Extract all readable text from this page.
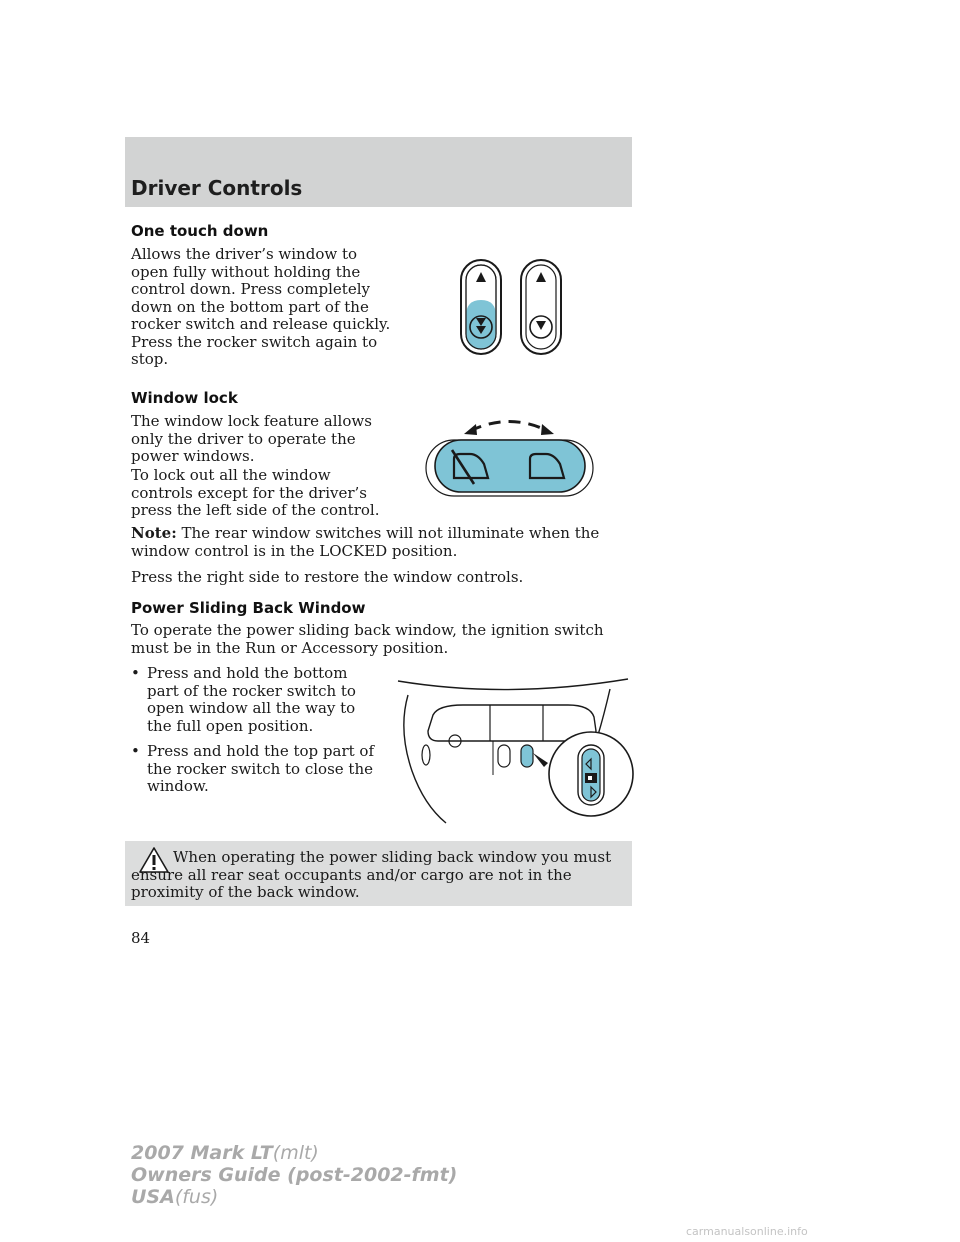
Driver Controls
One touch down
Allows the driver’s window to open fully without holding the control down. Press completely down on the bottom part of the rocker switch and release quickly. Press the rocker switch again to stop.
Window lock
The window lock feature allows only the driver to operate the power windows.
To lock out all the window controls except for the driver’s press the left side of the control.
Note: The rear window switches will not illuminate when the window control is in the LOCKED position.
Press the right side to restore the window controls.
Power Sliding Back Window
To operate the power sliding back window, the ignition switch must be in the Run or Accessory position.
• Press and hold the bottom part of the rocker switch to open window all the way to the full open position.
• Press and hold the top part of the rocker switch to close the window.
When operating the power sliding back window you must ensure all rear seat occupants and/or cargo are not in the proximity of the back window.
84
2007 Mark LT(mlt)
Owners Guide (post-2002-fmt)
USA(fus)
carmanualsonline.info
